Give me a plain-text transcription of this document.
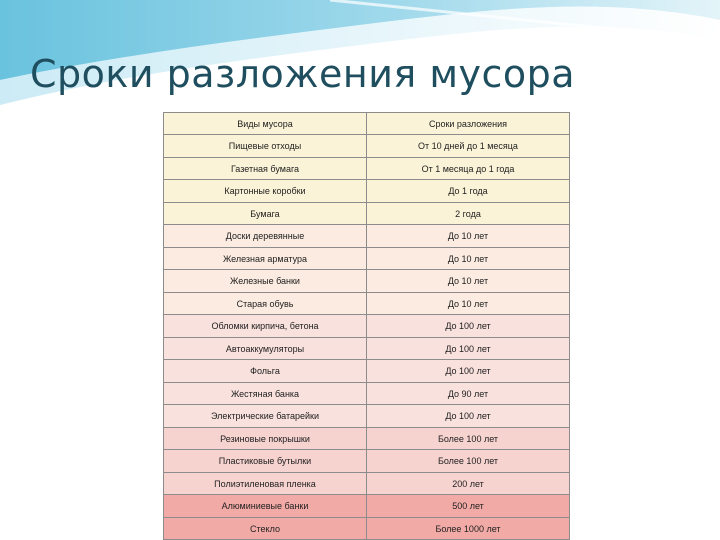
Сроки разложения мусора
Виды мусора	Сроки разложения
Пищевые отходы	От 10 дней до 1 месяца
Газетная бумага	От 1 месяца до 1 года
Картонные коробки	До 1 года
Бумага	2 года
Доски деревянные	До 10 лет
Железная арматура	До 10 лет
Железные банки	До 10 лет
Старая обувь	До 10 лет
Обломки кирпича, бетона	До 100 лет
Автоаккумуляторы	До 100 лет
Фольга	До 100 лет
Жестяная банка	До 90 лет
Электрические батарейки	До 100 лет
Резиновые покрышки	Более 100 лет
Пластиковые бутылки	Более 100 лет
Полиэтиленовая пленка	200 лет
Алюминиевые банки	500 лет
Стекло	Более 1000 лет
